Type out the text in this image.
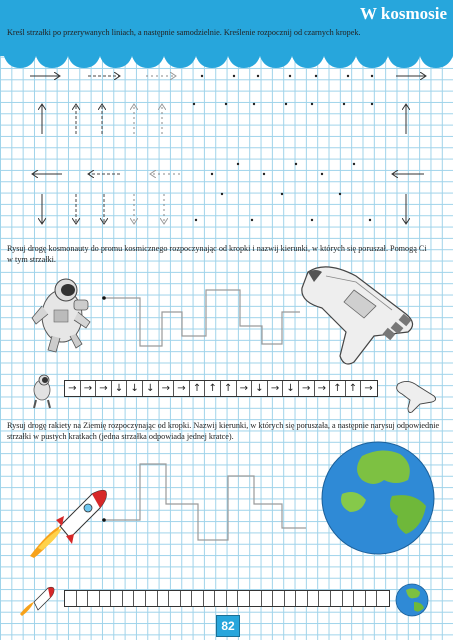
W kosmosie
Kreśl strzałki po przerywanych liniach, a następnie samodzielnie. Kreślenie rozpocznij od czarnych kropek.
Rysuj drogę kosmonauty do promu kosmicznego rozpoczynając od kropki i nazwij kierunki, w których się poruszał. Pomogą Ci w tym strzałki.
→ → → ↓ ↓ ↓ → → ↑ ↑ ↑ → ↓ → ↓ → → ↑ ↑ →
Rysuj drogę rakiety na Ziemię rozpoczynając od kropki. Nazwij kierunki, w których się poruszała, a następnie narysuj odpowiednie strzałki w pustych kratkach (jedna strzałka odpowiada jednej kratce).
82
